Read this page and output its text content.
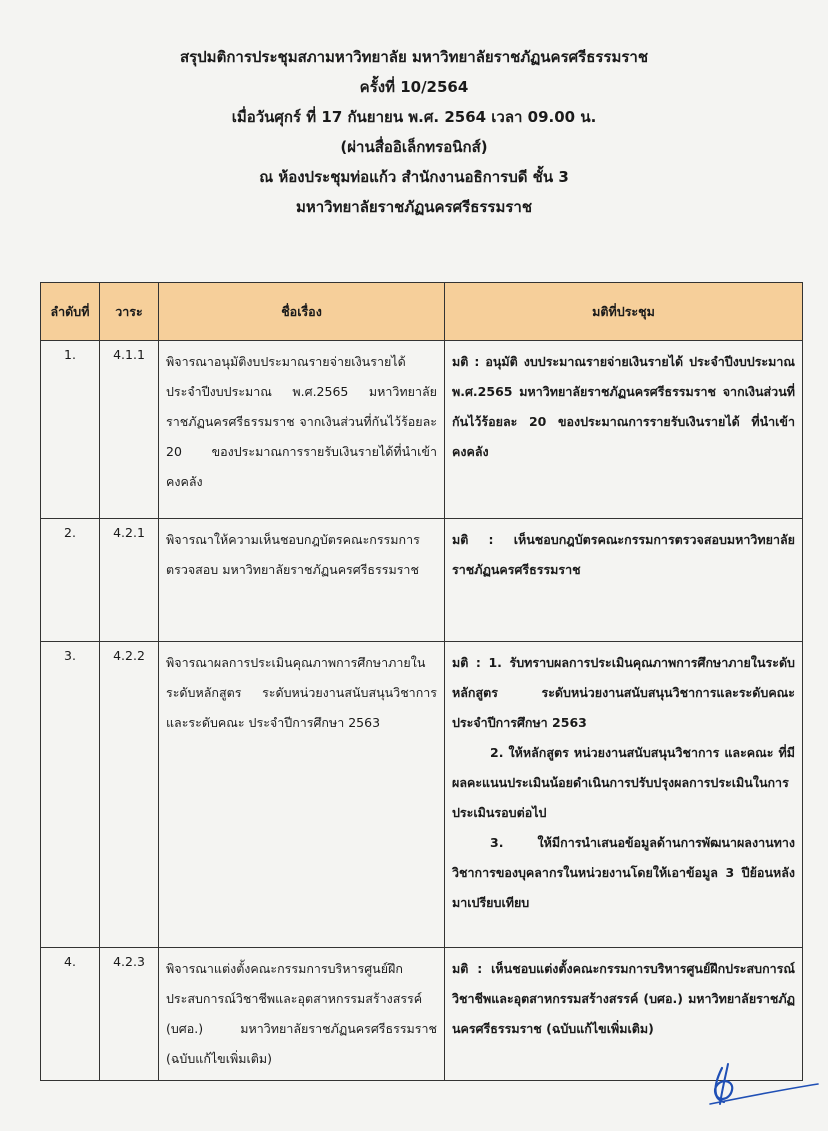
สรุปมติการประชุมสภามหาวิทยาลัย มหาวิทยาลัยราชภัฏนครศรีธรรมราช
ครั้งที่ 10/2564
เมื่อวันศุกร์ ที่ 17 กันยายน พ.ศ. 2564 เวลา 09.00 น.
(ผ่านสื่ออิเล็กทรอนิกส์)
ณ ห้องประชุมท่อแก้ว สำนักงานอธิการบดี ชั้น 3
มหาวิทยาลัยราชภัฏนครศรีธรรมราช
ลำดับที่	วาระ	ชื่อเรื่อง	มติที่ประชุม
1.	4.1.1	พิจารณาอนุมัติงบประมาณรายจ่ายเงินรายได้ประจำปีงบประมาณ พ.ศ.2565 มหาวิทยาลัยราชภัฏนครศรีธรรมราช จากเงินส่วนที่กันไว้ร้อยละ 20 ของประมาณการรายรับเงินรายได้ที่นำเข้าคงคลัง	มติ : อนุมัติ งบประมาณรายจ่ายเงินรายได้ ประจำปีงบประมาณ พ.ศ.2565 มหาวิทยาลัยราชภัฏนครศรีธรรมราช จากเงินส่วนที่กันไว้ร้อยละ 20 ของประมาณการรายรับเงินรายได้ ที่นำเข้าคงคลัง

2.	4.2.1	พิจารณาให้ความเห็นชอบกฎบัตรคณะกรรมการตรวจสอบ มหาวิทยาลัยราชภัฏนครศรีธรรมราช	มติ : เห็นชอบกฎบัตรคณะกรรมการตรวจสอบมหาวิทยาลัยราชภัฏนครศรีธรรมราช

3.	4.2.2	พิจารณาผลการประเมินคุณภาพการศึกษาภายในระดับหลักสูตร ระดับหน่วยงานสนับสนุนวิชาการ และระดับคณะ ประจำปีการศึกษา 2563	มติ : 1. รับทราบผลการประเมินคุณภาพการศึกษาภายในระดับหลักสูตร ระดับหน่วยงานสนับสนุนวิชาการและระดับคณะ ประจำปีการศึกษา 2563

2. ให้หลักสูตร หน่วยงานสนับสนุนวิชาการ และคณะ ที่มีผลคะแนนประเมินน้อยดำเนินการปรับปรุงผลการประเมินในการประเมินรอบต่อไป

3. ให้มีการนำเสนอข้อมูลด้านการพัฒนาผลงานทางวิชาการของบุคลากรในหน่วยงานโดยให้เอาข้อมูล 3 ปีย้อนหลังมาเปรียบเทียบ

4.	4.2.3	พิจารณาแต่งตั้งคณะกรรมการบริหารศูนย์ฝึกประสบการณ์วิชาชีพและอุตสาหกรรมสร้างสรรค์ (บศอ.) มหาวิทยาลัยราชภัฏนครศรีธรรมราช (ฉบับแก้ไขเพิ่มเติม)	มติ : เห็นชอบแต่งตั้งคณะกรรมการบริหารศูนย์ฝึกประสบการณ์วิชาชีพและอุตสาหกรรมสร้างสรรค์ (บศอ.) มหาวิทยาลัยราชภัฏนครศรีธรรมราช (ฉบับแก้ไขเพิ่มเติม)
